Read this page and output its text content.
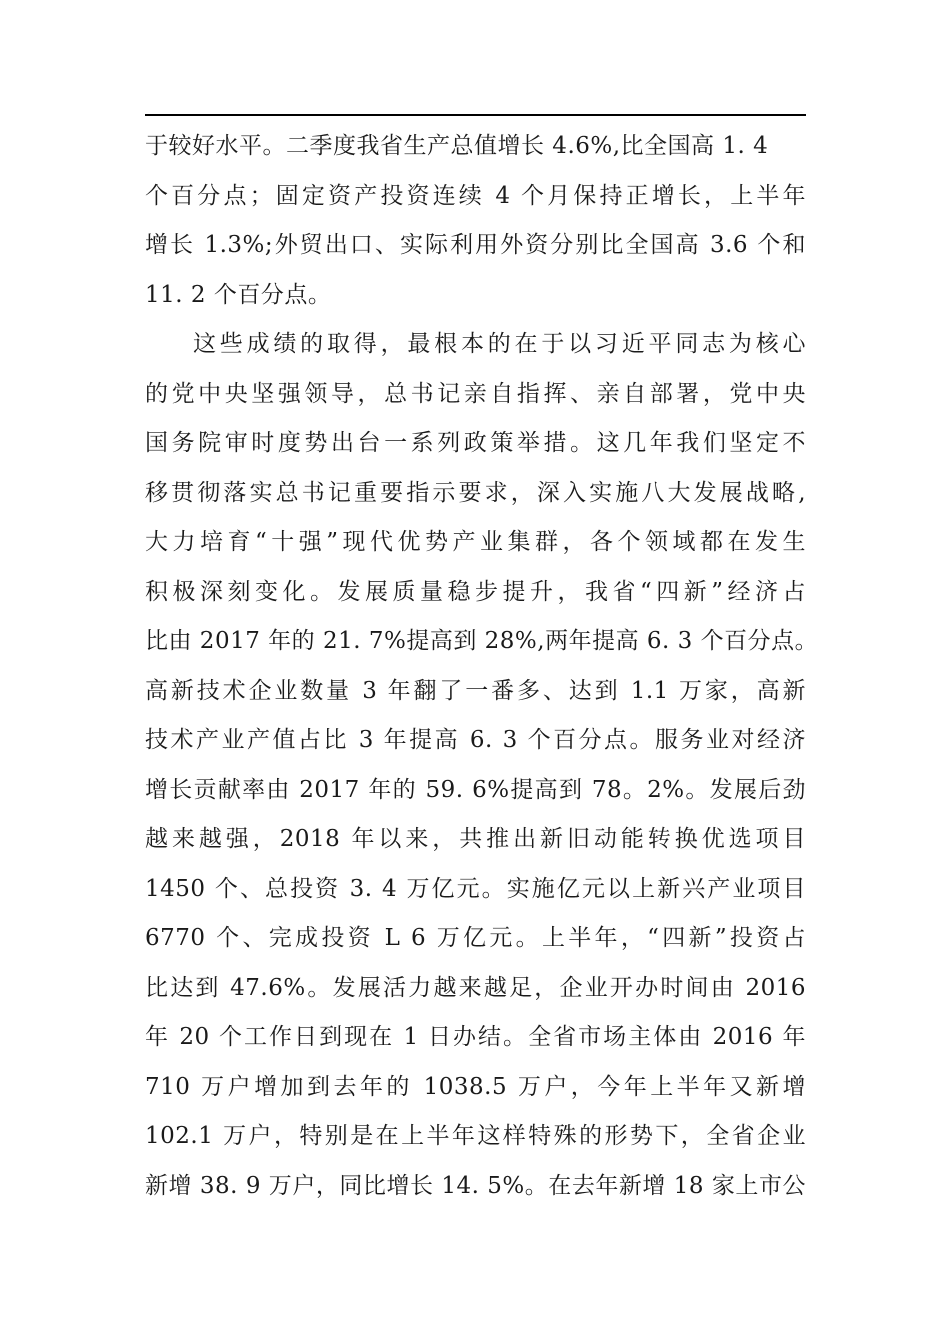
于较好水平。二季度我省生产总值增长 4.6%,比全国高 1. 4
个百分点；固定资产投资连续 4 个月保持正增长，上半年
增长 1.3%;外贸出口、实际利用外资分别比全国高 3.6 个和
11. 2 个百分点。
这些成绩的取得，最根本的在于以习近平同志为核心
的党中央坚强领导，总书记亲自指挥、亲自部署，党中央
国务院审时度势出台一系列政策举措。这几年我们坚定不
移贯彻落实总书记重要指示要求，深入实施八大发展战略,
大力培育“十强”现代优势产业集群，各个领域都在发生
积极深刻变化。发展质量稳步提升，我省“四新”经济占
比由 2017 年的 21. 7%提高到 28%,两年提高 6. 3 个百分点。
高新技术企业数量 3 年翻了一番多、达到 1.1 万家，高新
技术产业产值占比 3 年提高 6. 3 个百分点。服务业对经济
增长贡献率由 2017 年的 59. 6%提高到 78。2%。发展后劲
越来越强，2018 年以来，共推出新旧动能转换优选项目
1450 个、总投资 3. 4 万亿元。实施亿元以上新兴产业项目
6770 个、完成投资 L 6 万亿元。上半年，“四新”投资占
比达到 47.6%。发展活力越来越足，企业开办时间由 2016
年 20 个工作日到现在 1 日办结。全省市场主体由 2016 年
710 万户增加到去年的 1038.5 万户，今年上半年又新增
102.1 万户，特别是在上半年这样特殊的形势下，全省企业
新增 38. 9 万户，同比增长 14. 5%。在去年新增 18 家上市公
